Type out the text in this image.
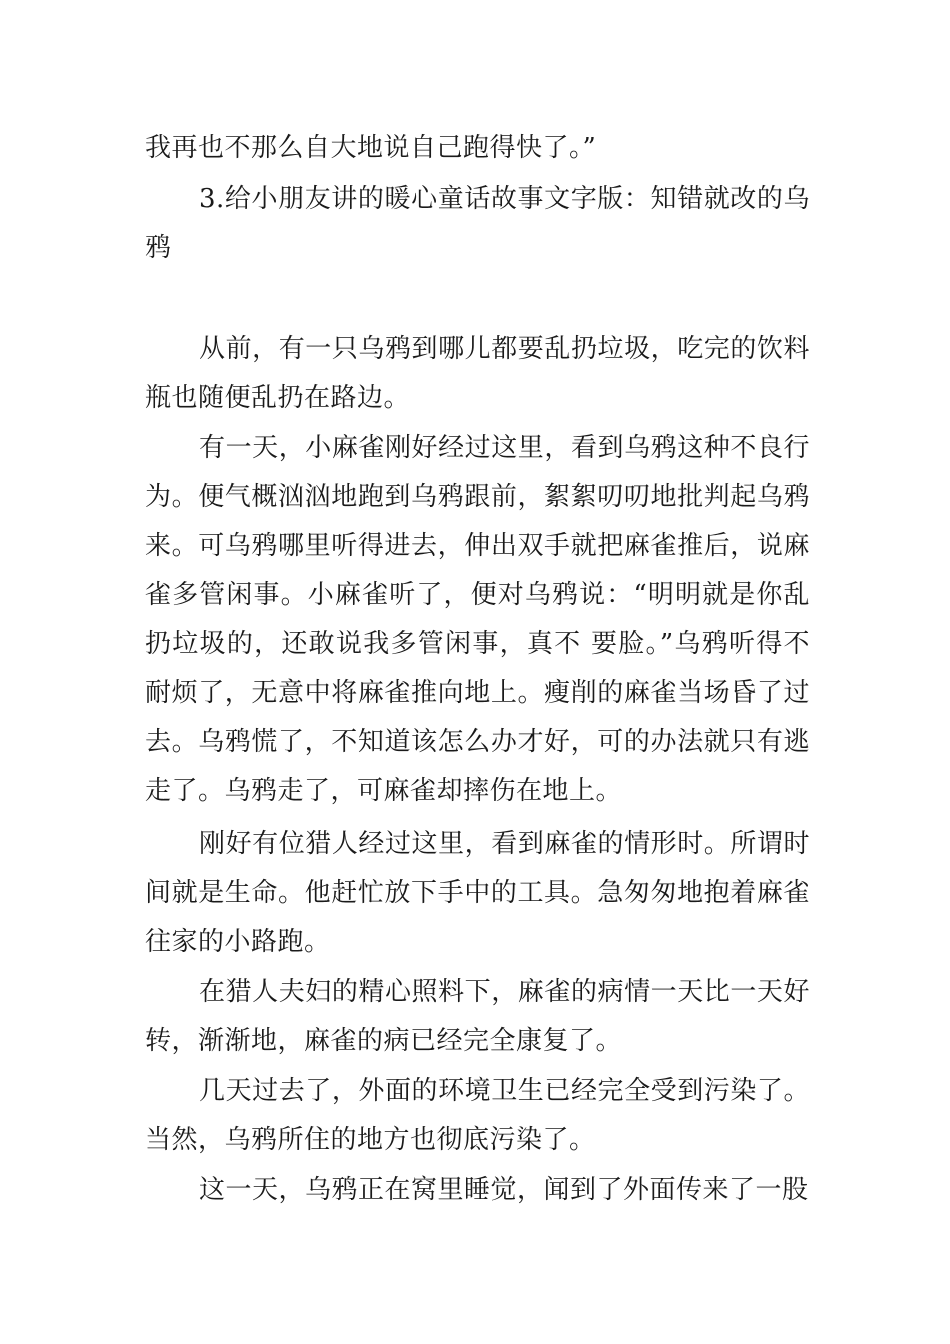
我再也不那么自大地说自己跑得快了。”

3.给小朋友讲的暖心童话故事文字版：知错就改的乌鸦

从前，有一只乌鸦到哪儿都要乱扔垃圾，吃完的饮料瓶也随便乱扔在路边。

有一天，小麻雀刚好经过这里，看到乌鸦这种不良行为。便气概汹汹地跑到乌鸦跟前，絮絮叨叨地批判起乌鸦来。可乌鸦哪里听得进去，伸出双手就把麻雀推后，说麻雀多管闲事。小麻雀听了，便对乌鸦说：“明明就是你乱扔垃圾的，还敢说我多管闲事，真不 要脸。”乌鸦听得不耐烦了，无意中将麻雀推向地上。瘦削的麻雀当场昏了过去。乌鸦慌了，不知道该怎么办才好，可的办法就只有逃走了。乌鸦走了，可麻雀却摔伤在地上。

刚好有位猎人经过这里，看到麻雀的情形时。所谓时间就是生命。他赶忙放下手中的工具。急匆匆地抱着麻雀往家的小路跑。

在猎人夫妇的精心照料下，麻雀的病情一天比一天好转，渐渐地，麻雀的病已经完全康复了。

几天过去了，外面的环境卫生已经完全受到污染了。当然，乌鸦所住的地方也彻底污染了。

这一天，乌鸦正在窝里睡觉，闻到了外面传来了一股
